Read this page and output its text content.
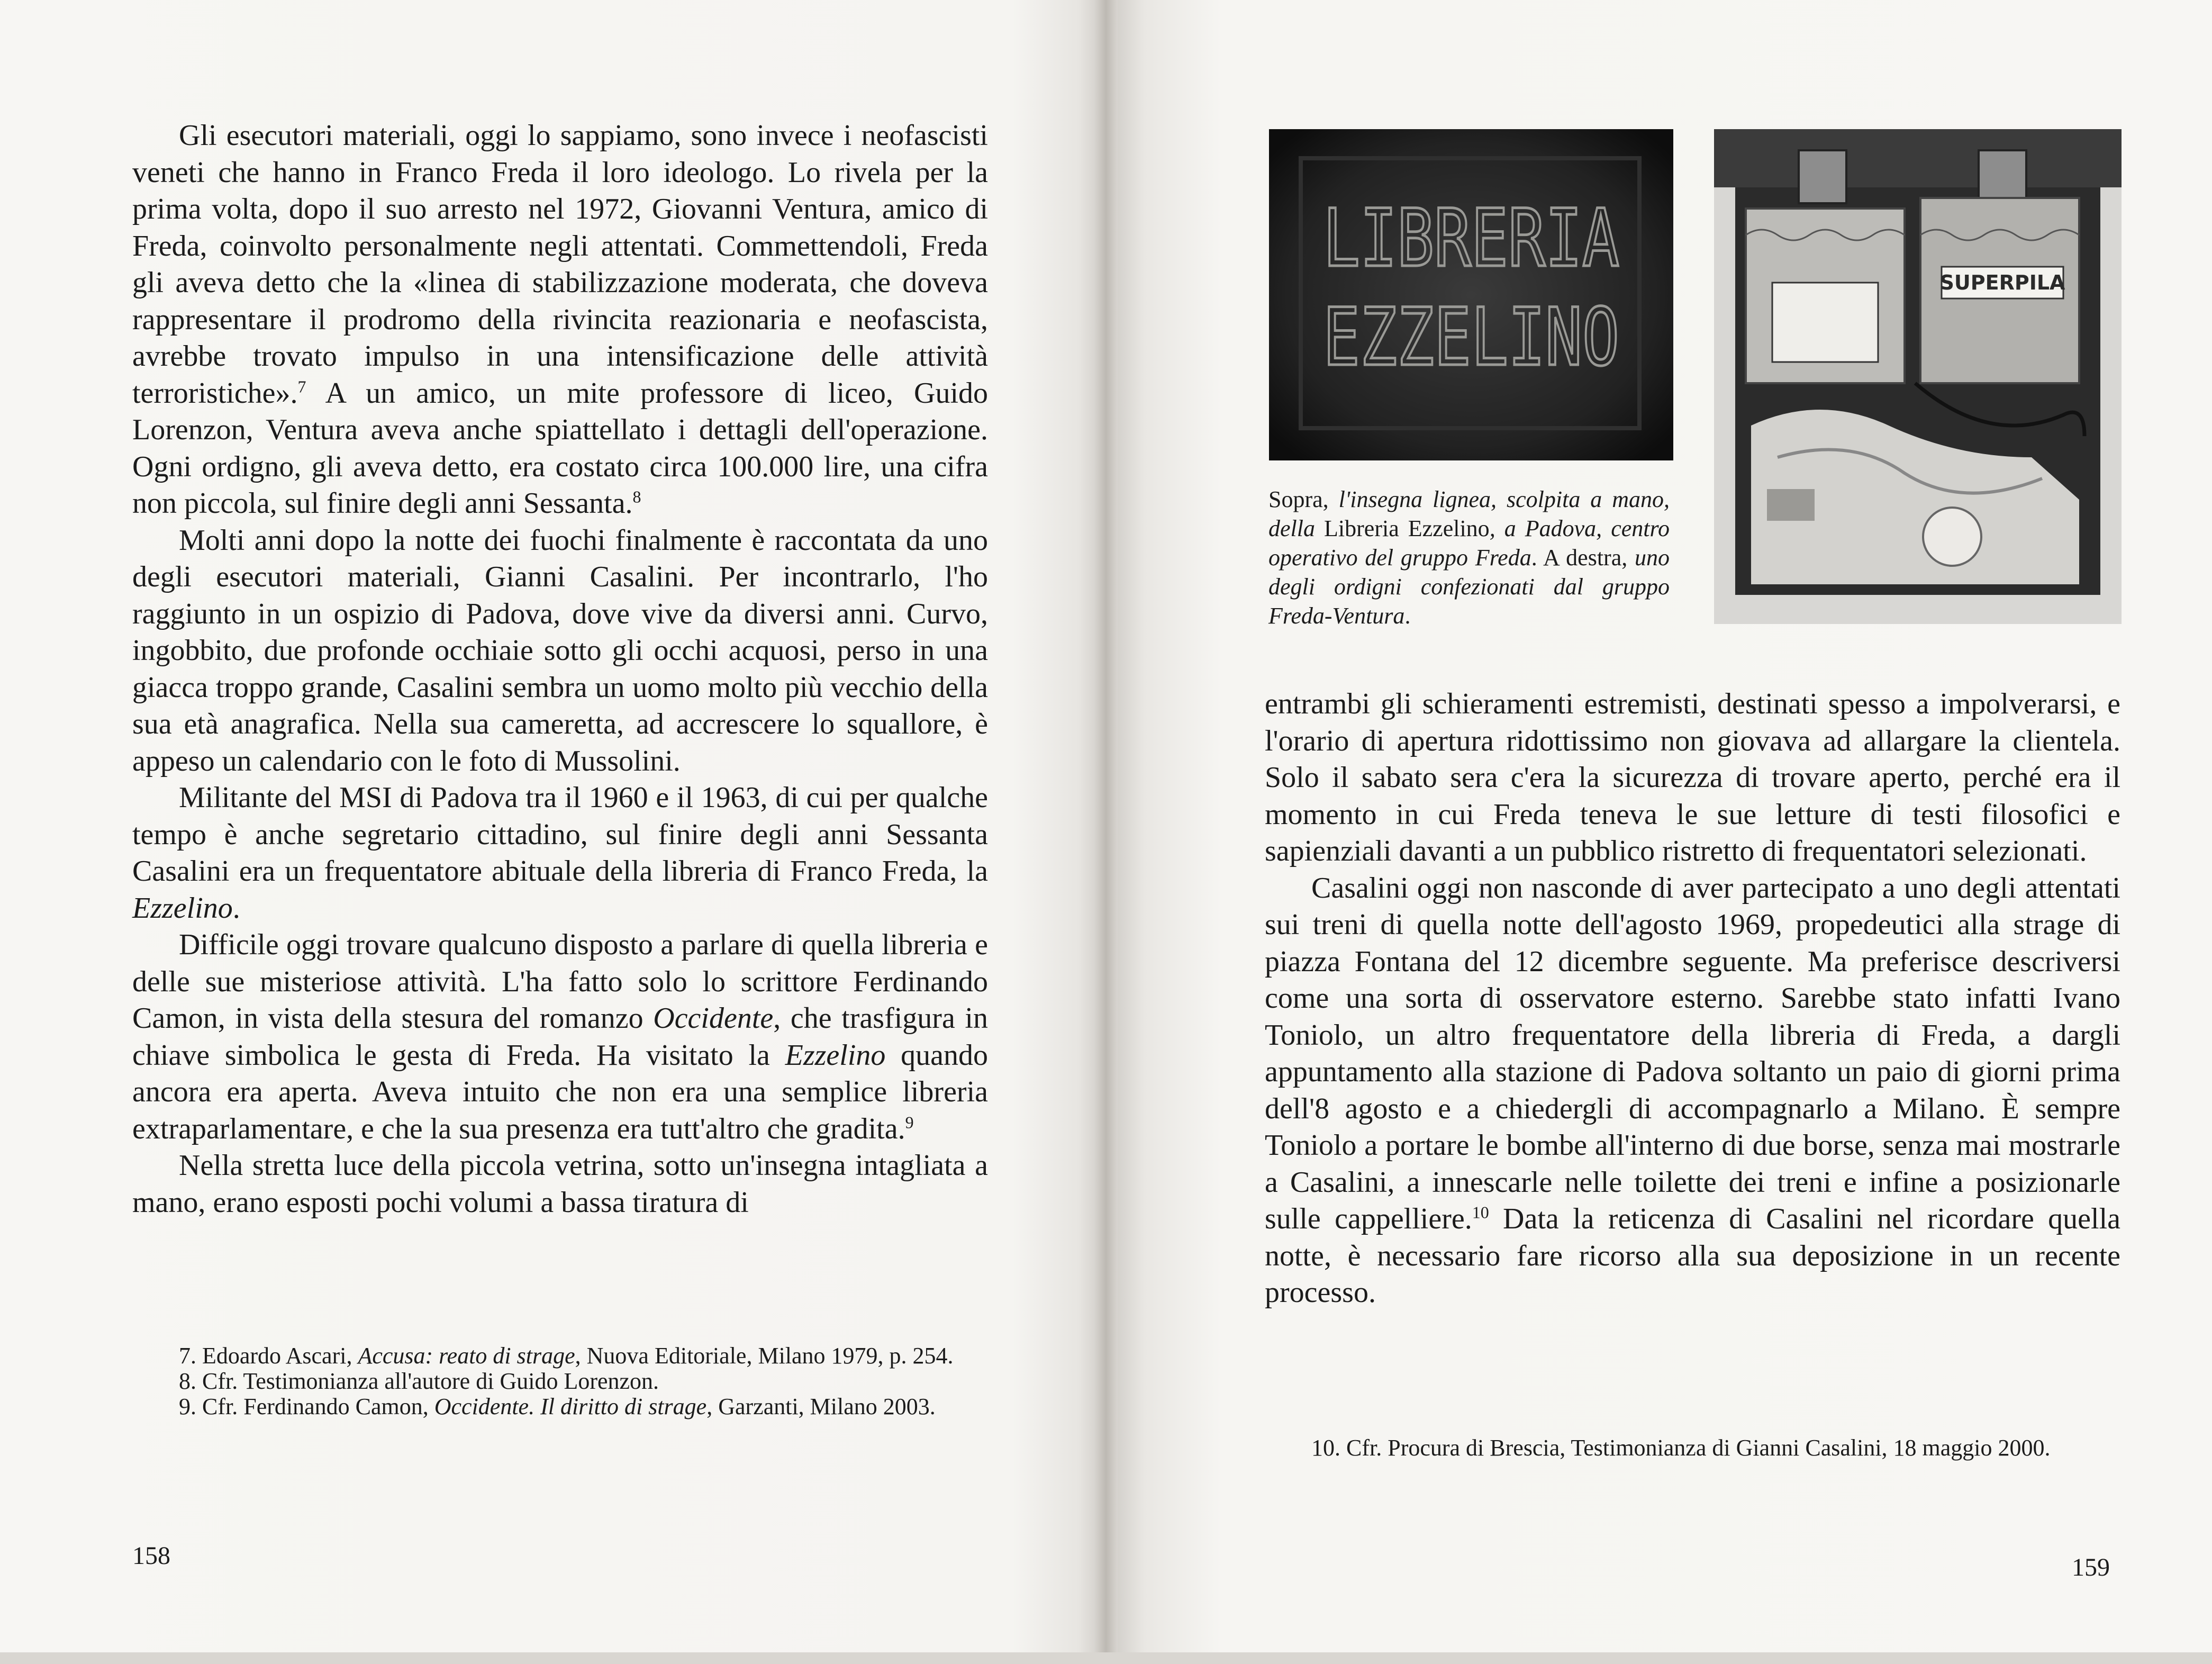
Gli esecutori materiali, oggi lo sappiamo, sono invece i neofascisti veneti che hanno in Franco Freda il loro ideologo. Lo rivela per la prima volta, dopo il suo arresto nel 1972, Giovanni Ventura, amico di Freda, coinvolto personalmente negli attentati. Commettendoli, Freda gli aveva detto che la «linea di stabilizzazione moderata, che doveva rappresentare il prodromo della rivincita reazionaria e neofascista, avrebbe trovato impulso in una intensificazione delle attività terroristiche».$^7$ A un amico, un mite professore di liceo, Guido Lorenzon, Ventura aveva anche spiattellato i dettagli dell'operazione. Ogni ordigno, gli aveva detto, era costato circa 100.000 lire, una cifra non piccola, sul finire degli anni Sessanta.$^8$

Molti anni dopo la notte dei fuochi finalmente è raccontata da uno degli esecutori materiali, Gianni Casalini. Per incontrarlo, l'ho raggiunto in un ospizio di Padova, dove vive da diversi anni. Curvo, ingobbito, due profonde occhiaie sotto gli occhi acquosi, perso in una giacca troppo grande, Casalini sembra un uomo molto più vecchio della sua età anagrafica. Nella sua cameretta, ad accrescere lo squallore, è appeso un calendario con le foto di Mussolini.

Militante del MSI di Padova tra il 1960 e il 1963, di cui per qualche tempo è anche segretario cittadino, sul finire degli anni Sessanta Casalini era un frequentatore abituale della libreria di Franco Freda, la Ezzelino.

Difficile oggi trovare qualcuno disposto a parlare di quella libreria e delle sue misteriose attività. L'ha fatto solo lo scrittore Ferdinando Camon, in vista della stesura del romanzo Occidente, che trasfigura in chiave simbolica le gesta di Freda. Ha visitato la Ezzelino quando ancora era aperta. Aveva intuito che non era una semplice libreria extraparlamentare, e che la sua presenza era tutt'altro che gradita.$^9$

Nella stretta luce della piccola vetrina, sotto un'insegna intagliata a mano, erano esposti pochi volumi a bassa tiratura di

7. Edoardo Ascari, Accusa: reato di strage, Nuova Editoriale, Milano 1979, p. 254.

8. Cfr. Testimonianza all'autore di Guido Lorenzon.

9. Cfr. Ferdinando Camon, Occidente. Il diritto di strage, Garzanti, Milano 2003.

158
LIBRERIA
EZZELINO
SUPERPILA
Sopra, l'insegna lignea, scolpita a mano, della Libreria Ezzelino, a Padova, centro operativo del gruppo Freda. A destra, uno degli ordigni confezionati dal gruppo Freda-Ventura.

entrambi gli schieramenti estremisti, destinati spesso a impolverarsi, e l'orario di apertura ridottissimo non giovava ad allargare la clientela. Solo il sabato sera c'era la sicurezza di trovare aperto, perché era il momento in cui Freda teneva le sue letture di testi filosofici e sapienziali davanti a un pubblico ristretto di frequentatori selezionati.

Casalini oggi non nasconde di aver partecipato a uno degli attentati sui treni di quella notte dell'agosto 1969, propedeutici alla strage di piazza Fontana del 12 dicembre seguente. Ma preferisce descriversi come una sorta di osservatore esterno. Sarebbe stato infatti Ivano Toniolo, un altro frequentatore della libreria di Freda, a dargli appuntamento alla stazione di Padova soltanto un paio di giorni prima dell'8 agosto e a chiedergli di accompagnarlo a Milano. È sempre Toniolo a portare le bombe all'interno di due borse, senza mai mostrarle a Casalini, a innescarle nelle toilette dei treni e infine a posizionarle sulle cappelliere.$^{10}$ Data la reticenza di Casalini nel ricordare quella notte, è necessario fare ricorso alla sua deposizione in un recente processo.

10. Cfr. Procura di Brescia, Testimonianza di Gianni Casalini, 18 maggio 2000.

159
